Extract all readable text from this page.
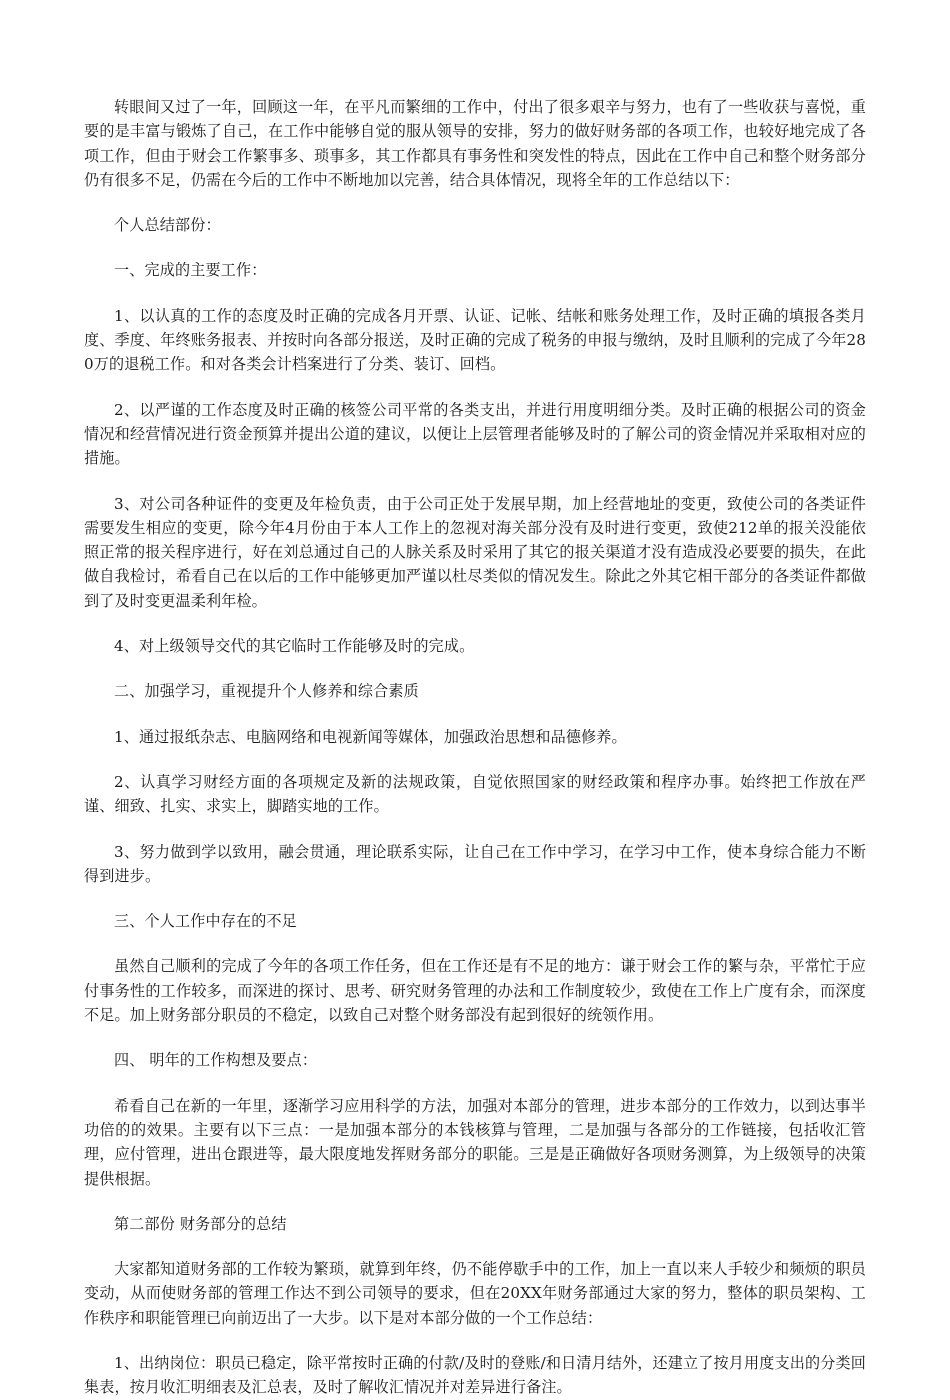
转眼间又过了一年，回顾这一年，在平凡而繁细的工作中，付出了很多艰辛与努力，也有了一些收获与喜悦，重要的是丰富与锻炼了自己，在工作中能够自觉的服从领导的安排，努力的做好财务部的各项工作，也较好地完成了各项工作，但由于财会工作繁事多、琐事多，其工作都具有事务性和突发性的特点，因此在工作中自己和整个财务部分仍有很多不足，仍需在今后的工作中不断地加以完善，结合具体情况，现将全年的工作总结以下：

个人总结部份：

一、完成的主要工作：

1、以认真的工作的态度及时正确的完成各月开票、认证、记帐、结帐和账务处理工作，及时正确的填报各类月度、季度、年终账务报表、并按时向各部分报送，及时正确的完成了税务的申报与缴纳，及时且顺利的完成了今年280万的退税工作。和对各类会计档案进行了分类、装订、回档。

2、以严谨的工作态度及时正确的核签公司平常的各类支出，并进行用度明细分类。及时正确的根据公司的资金情况和经营情况进行资金预算并提出公道的建议，以便让上层管理者能够及时的了解公司的资金情况并采取相对应的措施。

3、对公司各种证件的变更及年检负责，由于公司正处于发展早期，加上经营地址的变更，致使公司的各类证件需要发生相应的变更，除今年4月份由于本人工作上的忽视对海关部分没有及时进行变更，致使212单的报关没能依照正常的报关程序进行，好在刘总通过自己的人脉关系及时采用了其它的报关渠道才没有造成没必要要的损失，在此做自我检讨，希看自己在以后的工作中能够更加严谨以杜尽类似的情况发生。除此之外其它相干部分的各类证件都做到了及时变更温柔利年检。

4、对上级领导交代的其它临时工作能够及时的完成。

二、加强学习，重视提升个人修养和综合素质

1、通过报纸杂志、电脑网络和电视新闻等媒体，加强政治思想和品德修养。

2、认真学习财经方面的各项规定及新的法规政策，自觉依照国家的财经政策和程序办事。始终把工作放在严谨、细致、扎实、求实上，脚踏实地的工作。

3、努力做到学以致用，融会贯通，理论联系实际，让自己在工作中学习，在学习中工作，使本身综合能力不断得到进步。

三、个人工作中存在的不足

虽然自己顺利的完成了今年的各项工作任务，但在工作还是有不足的地方：谦于财会工作的繁与杂，平常忙于应付事务性的工作较多，而深进的探讨、思考、研究财务管理的办法和工作制度较少，致使在工作上广度有余，而深度不足。加上财务部分职员的不稳定，以致自己对整个财务部没有起到很好的统领作用。

四、 明年的工作构想及要点：

希看自己在新的一年里，逐渐学习应用科学的方法，加强对本部分的管理，进步本部分的工作效力，以到达事半功倍的的效果。主要有以下三点：一是加强本部分的本钱核算与管理，二是加强与各部分的工作链接，包括收汇管理，应付管理，进出仓跟进等，最大限度地发挥财务部分的职能。三是是正确做好各项财务测算，为上级领导的决策提供根据。

第二部份 财务部分的总结

大家都知道财务部的工作较为繁琐，就算到年终，仍不能停歇手中的工作，加上一直以来人手较少和频烦的职员变动，从而使财务部的管理工作达不到公司领导的要求，但在20XX年财务部通过大家的努力，整体的职员架构、工作秩序和职能管理已向前迈出了一大步。以下是对本部分做的一个工作总结：

1、出纳岗位：职员已稳定，除平常按时正确的付款/及时的登账/和日清月结外，还建立了按月用度支出的分类回集表，按月收汇明细表及汇总表，及时了解收汇情况并对差异进行备注。
